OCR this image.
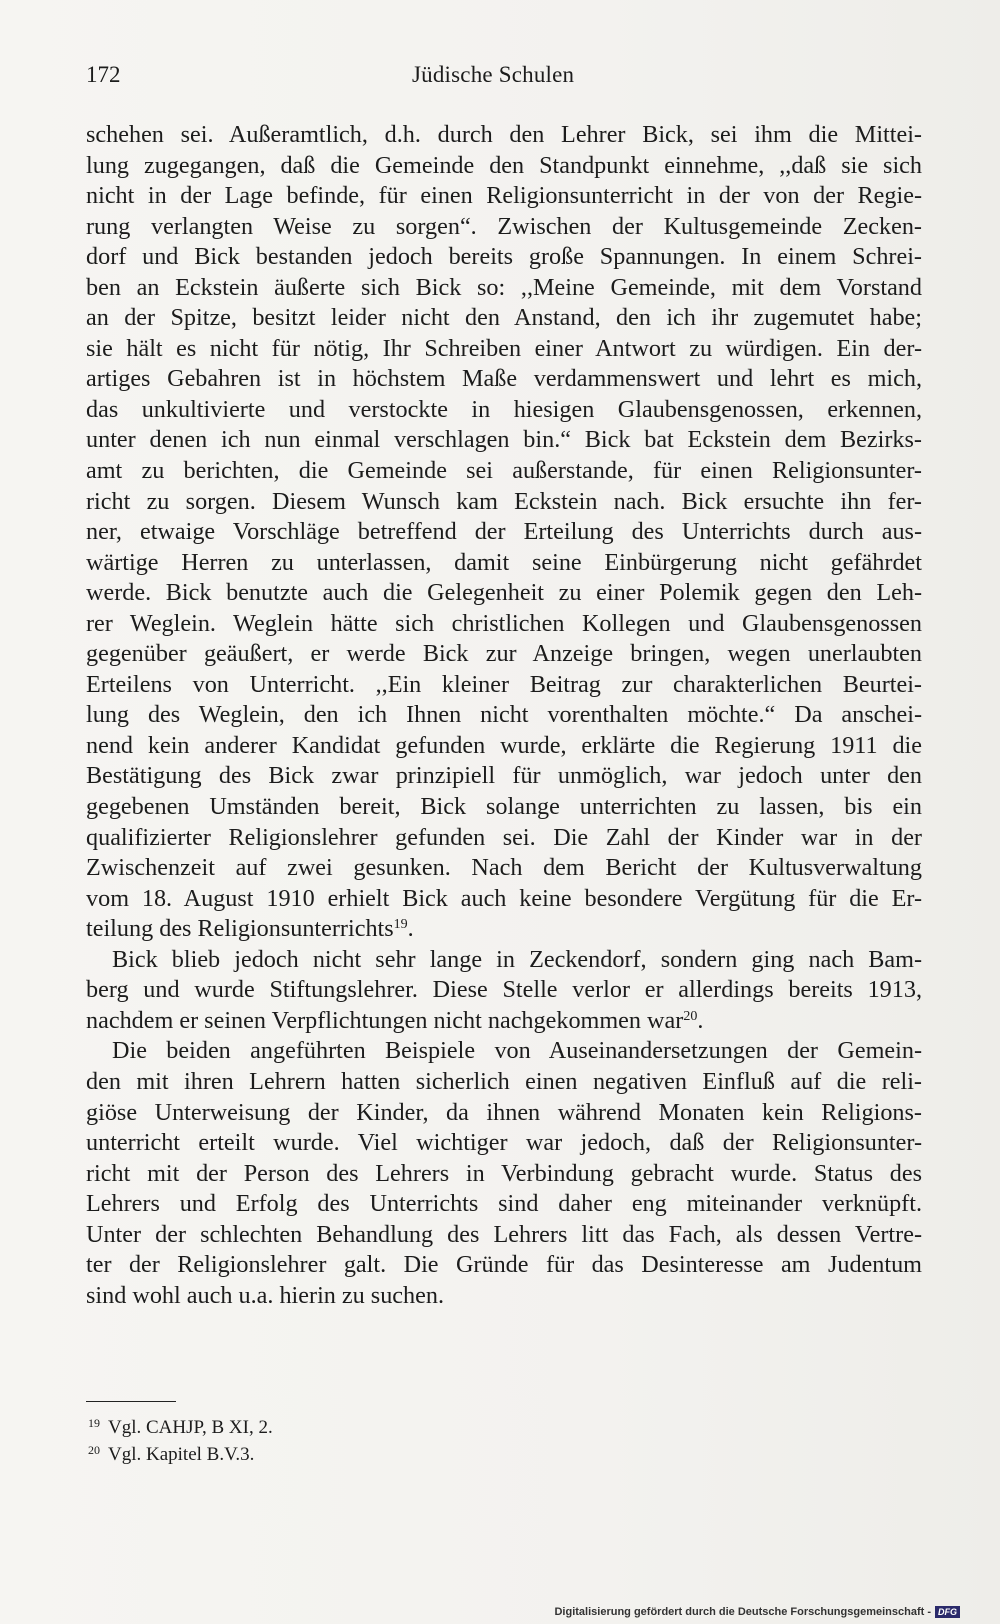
172	Jüdische Schulen
schehen sei. Außeramtlich, d.h. durch den Lehrer Bick, sei ihm die Mittei-
lung zugegangen, daß die Gemeinde den Standpunkt einnehme, ,,daß sie sich
nicht in der Lage befinde, für einen Religionsunterricht in der von der Regie-
rung verlangten Weise zu sorgen“. Zwischen der Kultusgemeinde Zecken-
dorf und Bick bestanden jedoch bereits große Spannungen. In einem Schrei-
ben an Eckstein äußerte sich Bick so: ,,Meine Gemeinde, mit dem Vorstand
an der Spitze, besitzt leider nicht den Anstand, den ich ihr zugemutet habe;
sie hält es nicht für nötig, Ihr Schreiben einer Antwort zu würdigen. Ein der-
artiges Gebahren ist in höchstem Maße verdammenswert und lehrt es mich,
das unkultivierte und verstockte in hiesigen Glaubensgenossen, erkennen,
unter denen ich nun einmal verschlagen bin.“ Bick bat Eckstein dem Bezirks-
amt zu berichten, die Gemeinde sei außerstande, für einen Religionsunter-
richt zu sorgen. Diesem Wunsch kam Eckstein nach. Bick ersuchte ihn fer-
ner, etwaige Vorschläge betreffend der Erteilung des Unterrichts durch aus-
wärtige Herren zu unterlassen, damit seine Einbürgerung nicht gefährdet
werde. Bick benutzte auch die Gelegenheit zu einer Polemik gegen den Leh-
rer Weglein. Weglein hätte sich christlichen Kollegen und Glaubensgenossen
gegenüber geäußert, er werde Bick zur Anzeige bringen, wegen unerlaubten
Erteilens von Unterricht. ,,Ein kleiner Beitrag zur charakterlichen Beurtei-
lung des Weglein, den ich Ihnen nicht vorenthalten möchte.“ Da anschei-
nend kein anderer Kandidat gefunden wurde, erklärte die Regierung 1911 die
Bestätigung des Bick zwar prinzipiell für unmöglich, war jedoch unter den
gegebenen Umständen bereit, Bick solange unterrichten zu lassen, bis ein
qualifizierter Religionslehrer gefunden sei. Die Zahl der Kinder war in der
Zwischenzeit auf zwei gesunken. Nach dem Bericht der Kultusverwaltung
vom 18. August 1910 erhielt Bick auch keine besondere Vergütung für die Er-
teilung des Religionsunterrichts$^{19}$.
Bick blieb jedoch nicht sehr lange in Zeckendorf, sondern ging nach Bam-
berg und wurde Stiftungslehrer. Diese Stelle verlor er allerdings bereits 1913,
nachdem er seinen Verpflichtungen nicht nachgekommen war$^{20}$.
Die beiden angeführten Beispiele von Auseinandersetzungen der Gemein-
den mit ihren Lehrern hatten sicherlich einen negativen Einfluß auf die reli-
giöse Unterweisung der Kinder, da ihnen während Monaten kein Religions-
unterricht erteilt wurde. Viel wichtiger war jedoch, daß der Religionsunter-
richt mit der Person des Lehrers in Verbindung gebracht wurde. Status des
Lehrers und Erfolg des Unterrichts sind daher eng miteinander verknüpft.
Unter der schlechten Behandlung des Lehrers litt das Fach, als dessen Vertre-
ter der Religionslehrer galt. Die Gründe für das Desinteresse am Judentum
sind wohl auch u.a. hierin zu suchen.
$^{19}$ Vgl. CAHJP, B XI, 2.
$^{20}$ Vgl. Kapitel B.V.3.
Digitalisierung gefördert durch die Deutsche Forschungsgemeinschaft - DFG
